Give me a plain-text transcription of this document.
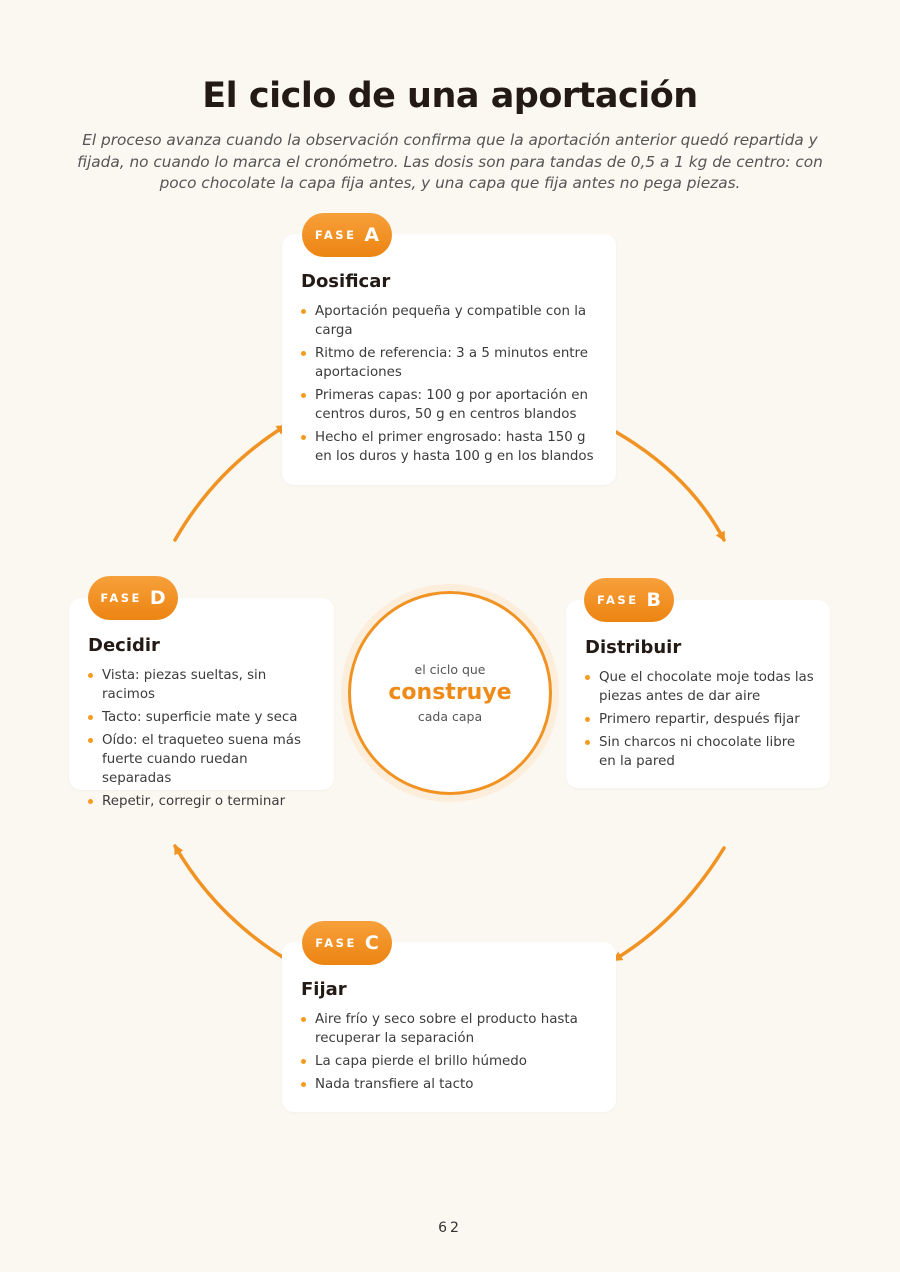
El ciclo de una aportación

El proceso avanza cuando la observación confirma que la aportación anterior quedó repartida y fijada, no cuando lo marca el cronómetro. Las dosis son para tandas de 0,5 a 1 kg de centro: con poco chocolate la capa fija antes, y una capa que fija antes no pega piezas.

Dosificar
Aportación pequeña y compatible con la carga
Ritmo de referencia: 3 a 5 minutos entre aportaciones
Primeras capas: 100 g por aportación en centros duros, 50 g en centros blandos
Hecho el primer engrosado: hasta 150 g en los duros y hasta 100 g en los blandos
FASE A
Distribuir
Que el chocolate moje todas las piezas antes de dar aire
Primero repartir, después fijar
Sin charcos ni chocolate libre en la pared
FASE B
Fijar
Aire frío y seco sobre el producto hasta recuperar la separación
La capa pierde el brillo húmedo
Nada transfiere al tacto
FASE C
Decidir
Vista: piezas sueltas, sin racimos
Tacto: superficie mate y seca
Oído: el traqueteo suena más fuerte cuando ruedan separadas
Repetir, corregir o terminar
FASE D
el ciclo que
construye
cada capa
62
